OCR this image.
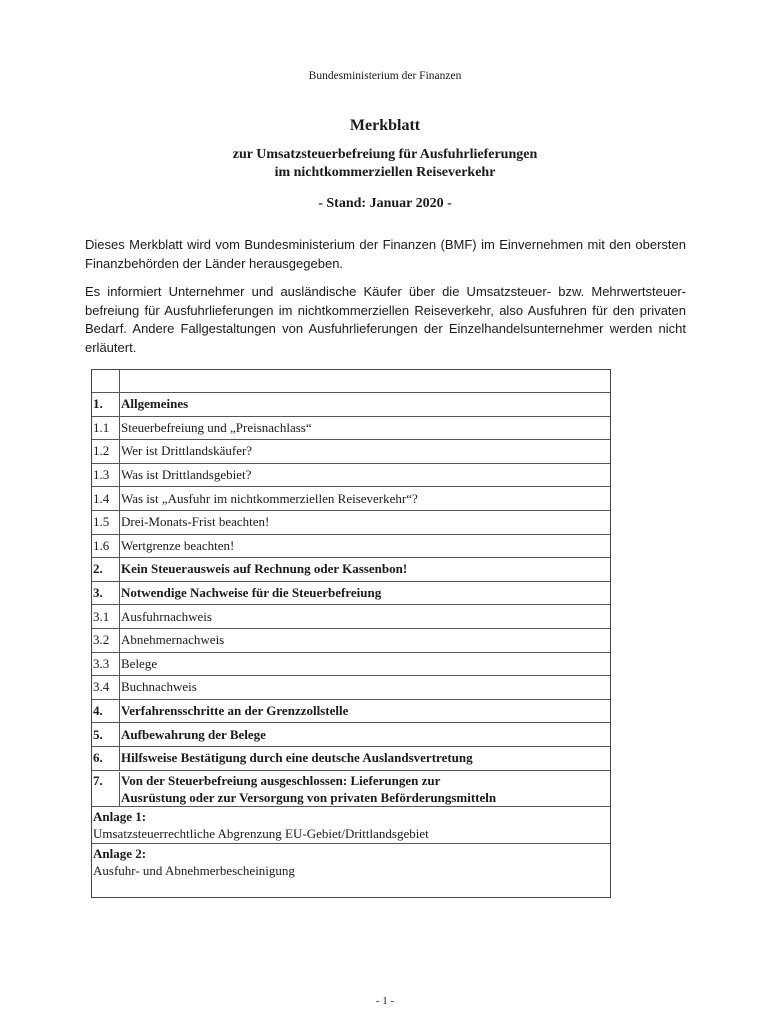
Bundesministerium der Finanzen
Merkblatt
zur Umsatzsteuerbefreiung für Ausfuhrlieferungen
im nichtkommerziellen Reiseverkehr
- Stand: Januar 2020 -
Dieses Merkblatt wird vom Bundesministerium der Finanzen (BMF) im Einvernehmen mit den obersten Finanzbehörden der Länder herausgegeben.
Es informiert Unternehmer und ausländische Käufer über die Umsatzsteuer- bzw. Mehrwertsteuer-befreiung für Ausfuhrlieferungen im nichtkommerziellen Reiseverkehr, also Ausfuhren für den privaten Bedarf. Andere Fallgestaltungen von Ausfuhrlieferungen der Einzelhandelsunternehmer werden nicht erläutert.
1.	Allgemeines
1.1 Steuerbefreiung und „Preisnachlass“
1.2 Wer ist Drittlandskäufer?
1.3 Was ist Drittlandsgebiet?
1.4 Was ist „Ausfuhr im nichtkommerziellen Reiseverkehr“?
1.5 Drei-Monats-Frist beachten!
1.6 Wertgrenze beachten!
2.	Kein Steuerausweis auf Rechnung oder Kassenbon!
3.	Notwendige Nachweise für die Steuerbefreiung
3.1 Ausfuhrnachweis
3.2 Abnehmernachweis
3.3 Belege
3.4 Buchnachweis
4.	Verfahrensschritte an der Grenzzollstelle
5.	Aufbewahrung der Belege
6.	Hilfsweise Bestätigung durch eine deutsche Auslandsvertretung
7.	Von der Steuerbefreiung ausgeschlossen: Lieferungen zur
Ausrüstung oder zur Versorgung von privaten Beförderungsmitteln
Anlage 1:
Umsatzsteuerrechtliche Abgrenzung EU-Gebiet/Drittlandsgebiet
Anlage 2:
Ausfuhr- und Abnehmerbescheinigung
- 1 -
